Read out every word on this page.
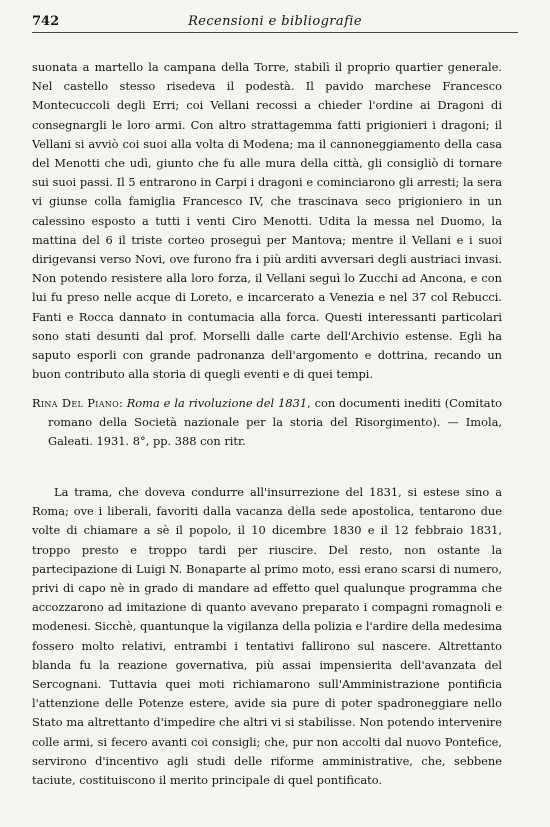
742	Recensioni e bibliografie

suonata a martello la campana della Torre, stabilì il proprio quartier generale. Nel castello stesso risedeva il podestà. Il pavido marchese Francesco Montecuccoli degli Erri; coi Vellani recossi a chieder l'ordine ai Dragoni di consegnargli le loro armi. Con altro strattagemma fatti prigionieri i dragoni; il Vellani si avviò coi suoi alla volta di Modena; ma il cannoneggiamento della casa del Menotti che udì, giunto che fu alle mura della città, gli consigliò di tornare sui suoi passi. Il 5 entrarono in Carpi i dragoni e cominciarono gli arresti; la sera vi giunse colla famiglia Francesco IV, che trascinava seco prigioniero in un calessino esposto a tutti i venti Ciro Menotti. Udita la messa nel Duomo, la mattina del 6 il triste corteo proseguì per Mantova; mentre il Vellani e i suoi dirigevansi verso Novi, ove furono fra i più arditi avversari degli austriaci invasi. Non potendo resistere alla loro forza, il Vellani seguì lo Zucchi ad Ancona, e con lui fu preso nelle acque di Loreto, e incarcerato a Venezia e nel 37 col Rebucci. Fanti e Rocca dannato in contumacia alla forca. Questi interessanti particolari sono stati desunti dal prof. Morselli dalle carte dell'Archivio estense. Egli ha saputo esporli con grande padronanza dell'argomento e dottrina, recando un buon contributo alla storia di quegli eventi e di quei tempi.

Rina Del Piano: Roma e la rivoluzione del 1831, con documenti inediti (Comitato romano della Società nazionale per la storia del Risorgimento). — Imola, Galeati. 1931. 8°, pp. 388 con ritr.

La trama, che doveva condurre all'insurrezione del 1831, si estese sino a Roma; ove i liberali, favoriti dalla vacanza della sede apostolica, tentarono due volte di chiamare a sè il popolo, il 10 dicembre 1830 e il 12 febbraio 1831, troppo presto e troppo tardi per riuscire. Del resto, non ostante la partecipazione di Luigi N. Bonaparte al primo moto, essi erano scarsi di numero, privi di capo nè in grado di mandare ad effetto quel qualunque programma che accozzarono ad imitazione di quanto avevano preparato i compagni romagnoli e modenesi. Sicchè, quantunque la vigilanza della polizia e l'ardire della medesima fossero molto relativi, entrambi i tentativi fallirono sul nascere. Altrettanto blanda fu la reazione governativa, più assai impensierita dell'avanzata del Sercognani. Tuttavia quei moti richiamarono sull'Amministrazione pontificia l'attenzione delle Potenze estere, avide sia pure di poter spadroneggiare nello Stato ma altrettanto d'impedire che altri vi si stabilisse. Non potendo intervenire colle armi, si fecero avanti coi consigli; che, pur non accolti dal nuovo Pontefice, servirono d'incentivo agli studi delle riforme amministrative, che, sebbene taciute, costituiscono il merito principale di quel pontificato.
